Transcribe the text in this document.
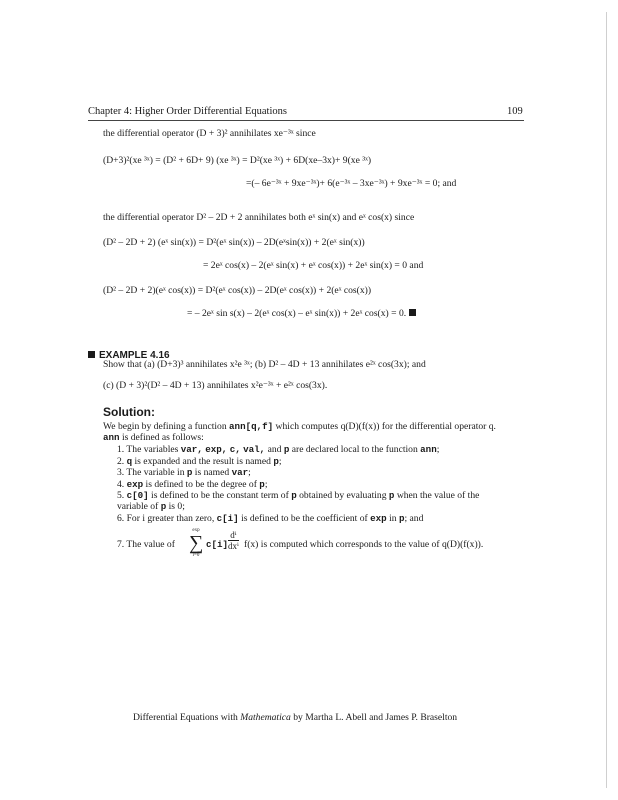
Chapter 4: Higher Order Differential Equations	109
the differential operator (D + 3)² annihilates xe⁻³ˣ since
(D+3)²(xe ³ˣ) = (D² + 6D+ 9) (xe ³ˣ) = D²(xe ³ˣ) + 6D(xe–3x)+ 9(xe ³ˣ)
=(– 6e⁻³ˣ + 9xe⁻³ˣ)+ 6(e⁻³ˣ – 3xe⁻³ˣ) + 9xe⁻³ˣ = 0; and
the differential operator D² – 2D + 2 annihilates both eˣ sin(x) and eˣ cos(x) since
(D² – 2D + 2) (eˣ sin(x)) = D²(eˣ sin(x)) – 2D(eˣsin(x)) + 2(eˣ sin(x))
= 2eˣ cos(x) – 2(eˣ sin(x) + eˣ cos(x)) + 2eˣ sin(x) = 0 and
(D² – 2D + 2)(eˣ cos(x)) = D²(eˣ cos(x)) – 2D(eˣ cos(x)) + 2(eˣ cos(x))
= – 2eˣ sin s(x) – 2(eˣ cos(x) – eˣ sin(x)) + 2eˣ cos(x) = 0.
EXAMPLE 4.16
Show that (a) (D+3)³ annihilates x²e ³ˣ; (b) D² – 4D + 13 annihilates e²ˣ cos(3x); and
(c) (D + 3)²(D² – 4D + 13) annihilates x²e⁻³ˣ + e²ˣ cos(3x).
Solution:
We begin by defining a function ann[q,f] which computes q(D)(f(x)) for the differential operator q.
ann is defined as follows:
1. The variables var, exp, c, val, and p are declared local to the function ann;
2. q is expanded and the result is named p;
3. The variable in p is named var;
4. exp is defined to be the degree of p;
5. c[0] is defined to be the constant term of p obtained by evaluating p when the value of the
variable of p is 0;
6. For i greater than zero, c[i] is defined to be the coefficient of exp in p; and
7. The value of
exp
∑
i=0
$c[i] \frac{\text{dⁱ}}{\text{dxⁱ}} f(x)$ is computed which corresponds to the value of q(D)(f(x)).
Differential Equations with Mathematica by Martha L. Abell and James P. Braselton
